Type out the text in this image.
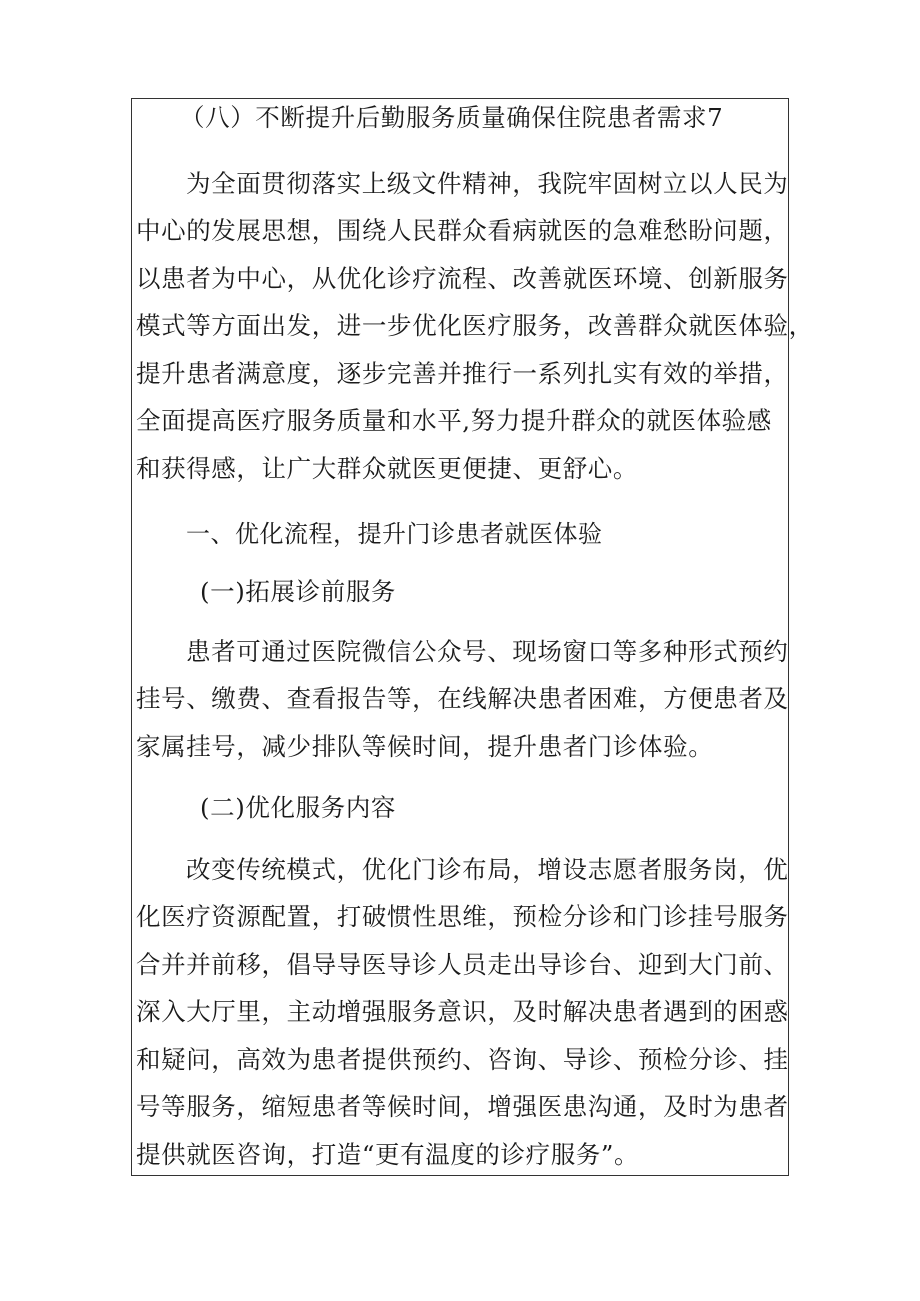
（八）不断提升后勤服务质量确保住院患者需求7
为全面贯彻落实上级文件精神，我院牢固树立以人民为
中心的发展思想，围绕人民群众看病就医的急难愁盼问题，
以患者为中心，从优化诊疗流程、改善就医环境、创新服务
模式等方面出发，进一步优化医疗服务，改善群众就医体验，
提升患者满意度，逐步完善并推行一系列扎实有效的举措，
全面提高医疗服务质量和水平,努力提升群众的就医体验感
和获得感，让广大群众就医更便捷、更舒心。
一、优化流程，提升门诊患者就医体验
(一)拓展诊前服务
患者可通过医院微信公众号、现场窗口等多种形式预约
挂号、缴费、查看报告等，在线解决患者困难，方便患者及
家属挂号，减少排队等候时间，提升患者门诊体验。
(二)优化服务内容
改变传统模式，优化门诊布局，增设志愿者服务岗，优
化医疗资源配置，打破惯性思维，预检分诊和门诊挂号服务
合并并前移，倡导导医导诊人员走出导诊台、迎到大门前、
深入大厅里，主动增强服务意识，及时解决患者遇到的困惑
和疑问，高效为患者提供预约、咨询、导诊、预检分诊、挂
号等服务，缩短患者等候时间，增强医患沟通，及时为患者
提供就医咨询，打造“更有温度的诊疗服务”。
